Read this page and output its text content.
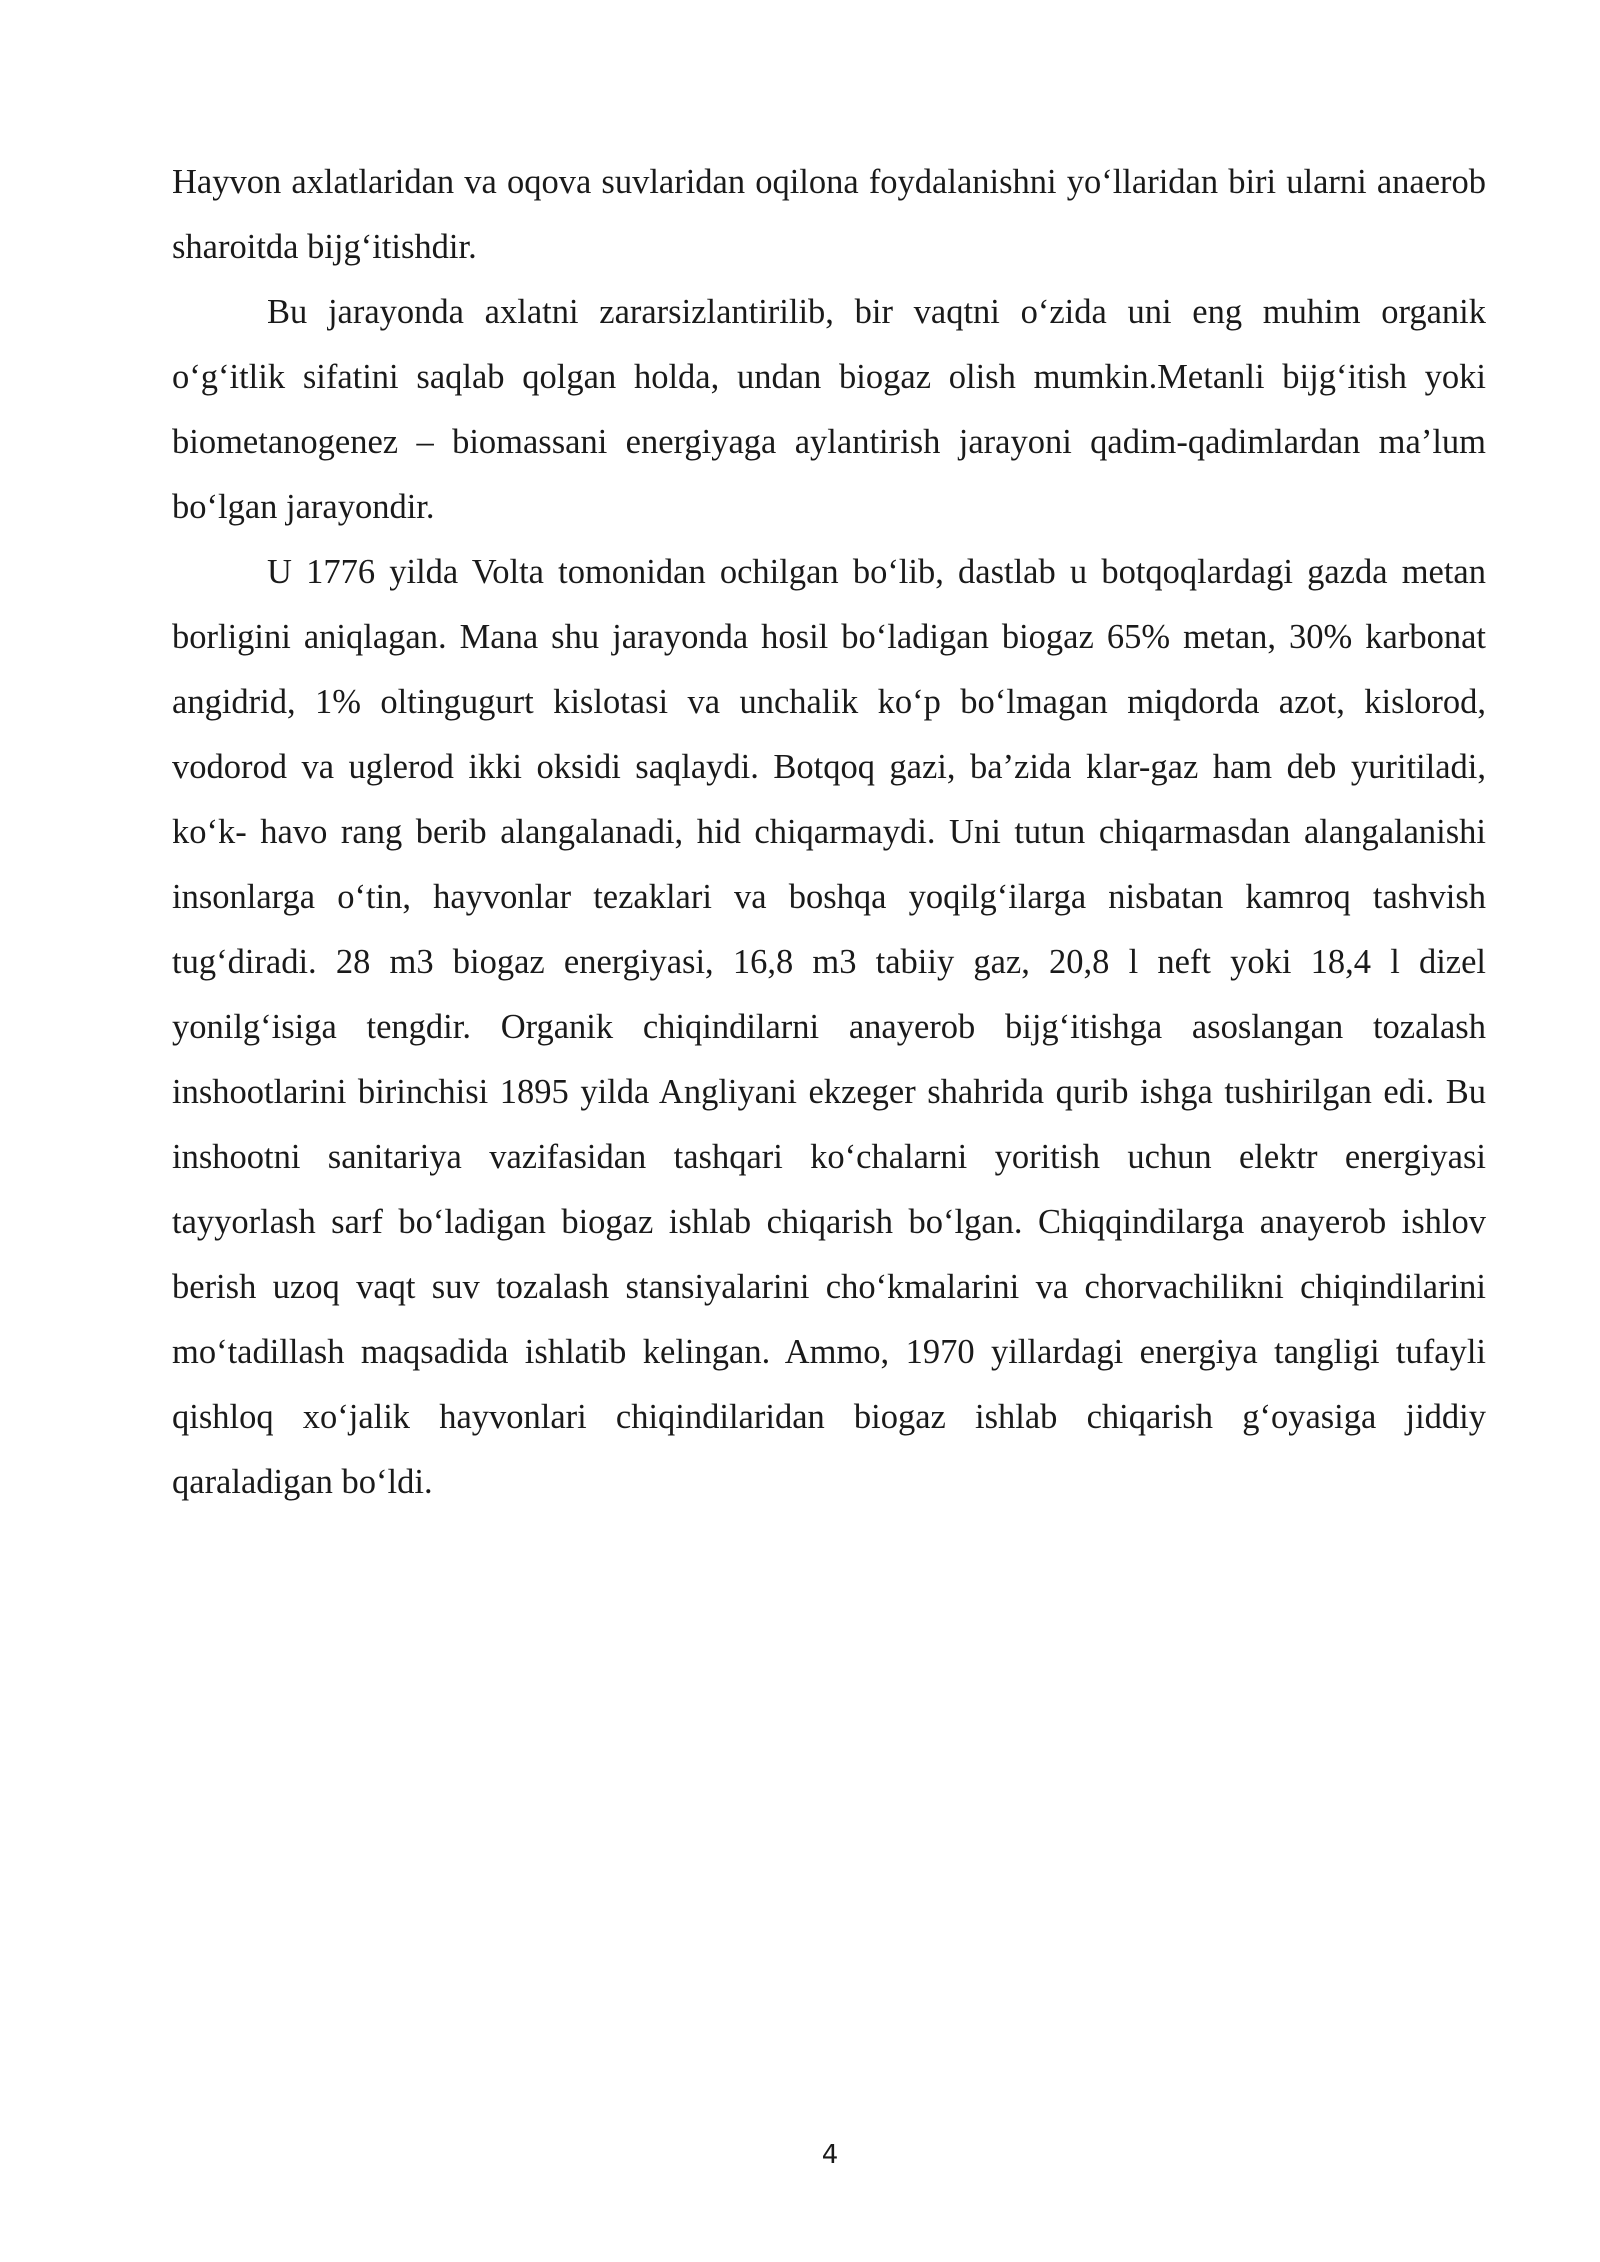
Hayvon axlatlaridan va oqova suvlaridan oqilona foydalanishni yo‘llaridan biri ularni anaerob sharoitda bijg‘itishdir.

Bu jarayonda axlatni zararsizlantirilib, bir vaqtni o‘zida uni eng muhim organik o‘g‘itlik sifatini saqlab qolgan holda, undan biogaz olish mumkin.Metanli bijg‘itish yoki biometanogenez – biomassani energiyaga aylantirish jarayoni qadim-qadimlardan ma’lum bo‘lgan jarayondir.

U 1776 yilda Volta tomonidan ochilgan bo‘lib, dastlab u botqoqlardagi gazda metan borligini aniqlagan. Mana shu jarayonda hosil bo‘ladigan biogaz 65% metan, 30% karbonat angidrid, 1% oltingugurt kislotasi va unchalik ko‘p bo‘lmagan miqdorda azot, kislorod, vodorod va uglerod ikki oksidi saqlaydi. Botqoq gazi, ba’zida klar-gaz ham deb yuritiladi, ko‘k- havo rang berib alangalanadi, hid chiqarmaydi. Uni tutun chiqarmasdan alangalanishi insonlarga o‘tin, hayvonlar tezaklari va boshqa yoqilg‘ilarga nisbatan kamroq tashvish tug‘diradi. 28 m3 biogaz energiyasi, 16,8 m3 tabiiy gaz, 20,8 l neft yoki 18,4 l dizel yonilg‘isiga tengdir. Organik chiqindilarni anayerob bijg‘itishga asoslangan tozalash inshootlarini birinchisi 1895 yilda Angliyani ekzeger shahrida qurib ishga tushirilgan edi. Bu inshootni sanitariya vazifasidan tashqari ko‘chalarni yoritish uchun elektr energiyasi tayyorlash sarf bo‘ladigan biogaz ishlab chiqarish bo‘lgan. Chiqqindilarga anayerob ishlov berish uzoq vaqt suv tozalash stansiyalarini cho‘kmalarini va chorvachilikni chiqindilarini mo‘tadillash maqsadida ishlatib kelingan. Ammo, 1970 yillardagi energiya tangligi tufayli qishloq xo‘jalik hayvonlari chiqindilaridan biogaz ishlab chiqarish g‘oyasiga jiddiy qaraladigan bo‘ldi.

4
